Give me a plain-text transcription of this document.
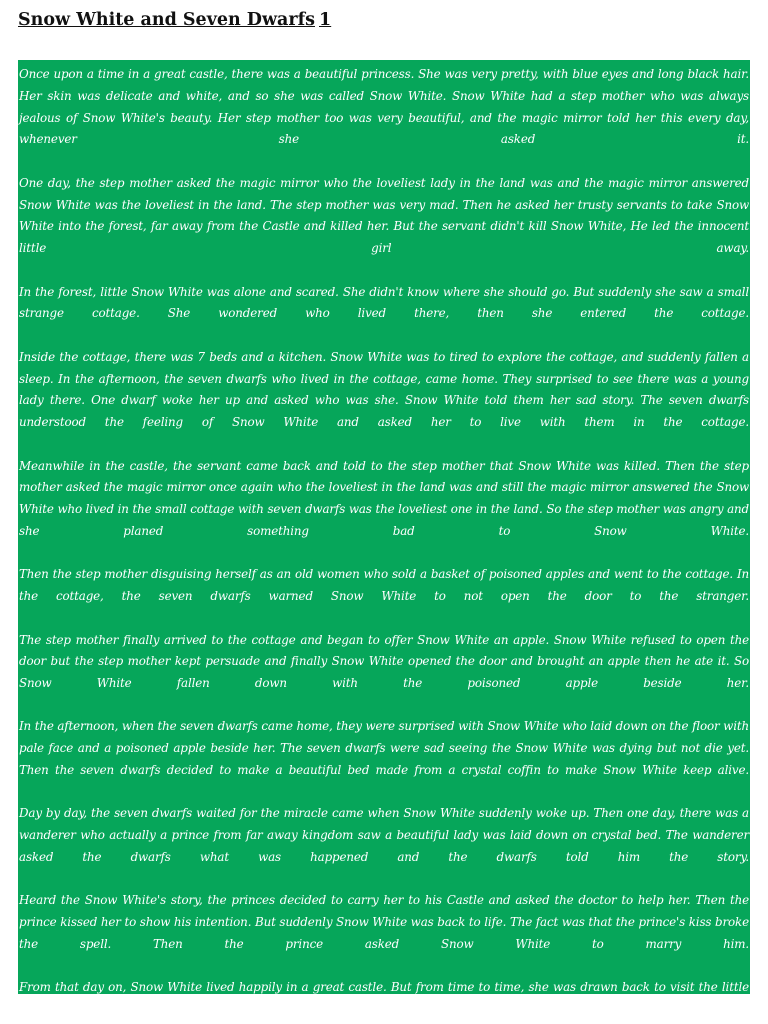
Snow White and Seven Dwarfs 1

Once upon a time in a great castle, there was a beautiful princess. She was very pretty, with blue eyes and long black hair. Her skin was delicate and white, and so she was called Snow White. Snow White had a step mother who was always jealous of Snow White's beauty. Her step mother too was very beautiful, and the magic mirror told her this every day, whenever she asked it.

One day, the step mother asked the magic mirror who the loveliest lady in the land was and the magic mirror answered Snow White was the loveliest in the land. The step mother was very mad. Then he asked her trusty servants to take Snow White into the forest, far away from the Castle and killed her. But the servant didn't kill Snow White, He led the innocent little girl away.

In the forest, little Snow White was alone and scared. She didn't know where she should go. But suddenly she saw a small strange cottage. She wondered who lived there, then she entered the cottage.

Inside the cottage, there was 7 beds and a kitchen. Snow White was to tired to explore the cottage, and suddenly fallen a sleep. In the afternoon, the seven dwarfs who lived in the cottage, came home. They surprised to see there was a young lady there. One dwarf woke her up and asked who was she. Snow White told them her sad story. The seven dwarfs understood the feeling of Snow White and asked her to live with them in the cottage.

Meanwhile in the castle, the servant came back and told to the step mother that Snow White was killed. Then the step mother asked the magic mirror once again who the loveliest in the land was and still the magic mirror answered the Snow White who lived in the small cottage with seven dwarfs was the loveliest one in the land. So the step mother was angry and she planed something bad to Snow White.

Then the step mother disguising herself as an old women who sold a basket of poisoned apples and went to the cottage. In the cottage, the seven dwarfs warned Snow White to not open the door to the stranger.

The step mother finally arrived to the cottage and began to offer Snow White an apple. Snow White refused to open the door but the step mother kept persuade and finally Snow White opened the door and brought an apple then he ate it. So Snow White fallen down with the poisoned apple beside her.

In the afternoon, when the seven dwarfs came home, they were surprised with Snow White who laid down on the floor with pale face and a poisoned apple beside her. The seven dwarfs were sad seeing the Snow White was dying but not die yet. Then the seven dwarfs decided to make a beautiful bed made from a crystal coffin to make Snow White keep alive.

Day by day, the seven dwarfs waited for the miracle came when Snow White suddenly woke up. Then one day, there was a wanderer who actually a prince from far away kingdom saw a beautiful lady was laid down on crystal bed. The wanderer asked the dwarfs what was happened and the dwarfs told him the story.

Heard the Snow White's story, the princes decided to carry her to his Castle and asked the doctor to help her. Then the prince kissed her to show his intention. But suddenly Snow White was back to life. The fact was that the prince's kiss broke the spell. Then the prince asked Snow White to marry him.

From that day on, Snow White lived happily in a great castle. But from time to time, she was drawn back to visit the little cottage down in the forest.
